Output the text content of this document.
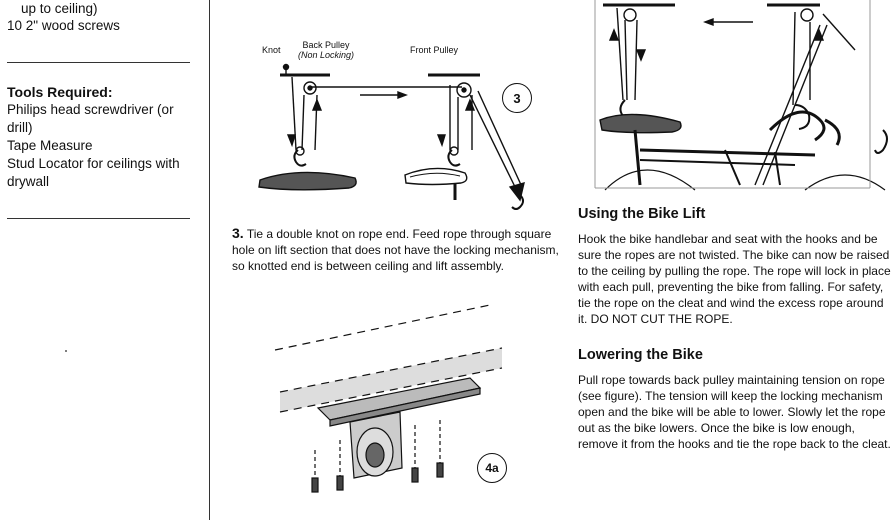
up to ceiling)
10 2" wood screws
Tools Required:
Philips head screwdriver (or drill)
Tape Measure
Stud Locator for ceilings with drywall
Knot	Back Pulley
(Non Locking)	Front Pulley
3
3. Tie a double knot on rope end. Feed rope through square hole on lift section that does not have the locking mechanism, so knotted end is between ceiling and lift assembly.
4a
Using the Bike Lift
Hook the bike handlebar and seat with the hooks and be sure the ropes are not twisted. The bike can now be raised to the ceiling by pulling the rope. The rope will lock in place with each pull, preventing the bike from falling. For safety, tie the rope on the cleat and wind the excess rope around it. DO NOT CUT THE ROPE.
Lowering the Bike
Pull rope towards back pulley maintaining tension on rope (see figure). The tension will keep the locking mechanism open and the bike will be able to lower. Slowly let the rope out as the bike lowers. Once the bike is low enough, remove it from the hooks and tie the rope back to the cleat.
